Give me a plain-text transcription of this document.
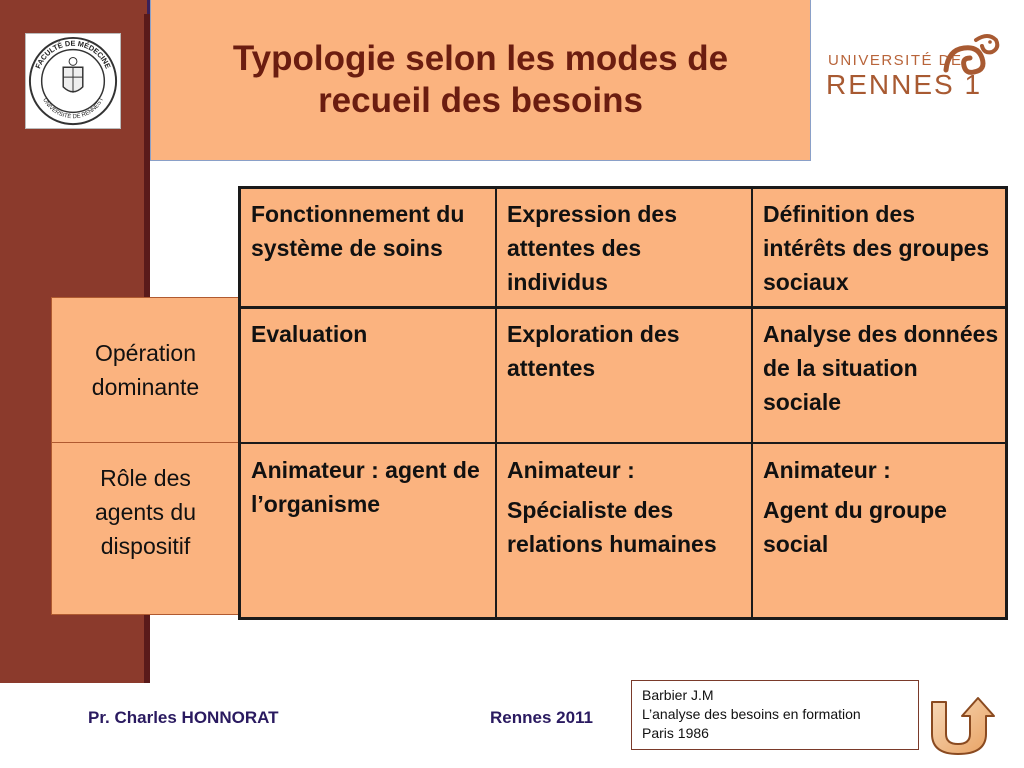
FACULTÉ DE MÉDECINE
UNIVERSITÉ DE RENNES I
Typologie selon les modes de recueil des besoins
UNIVERSITÉ DE
RENNES 1
Opération dominante
Rôle des agents du dispositif
Fonctionnement du système de soins
Expression des attentes des individus
Définition des intérêts des groupes sociaux
Evaluation	Exploration des attentes
Analyse des données de la situation sociale

Animateur : agent de l’organisme

Animateur :

Spécialiste des relations humaines

Animateur :

Agent du groupe social

Pr. Charles HONNORAT	Rennes 2011
Barbier J.M
L’analyse des besoins en formation
Paris 1986
